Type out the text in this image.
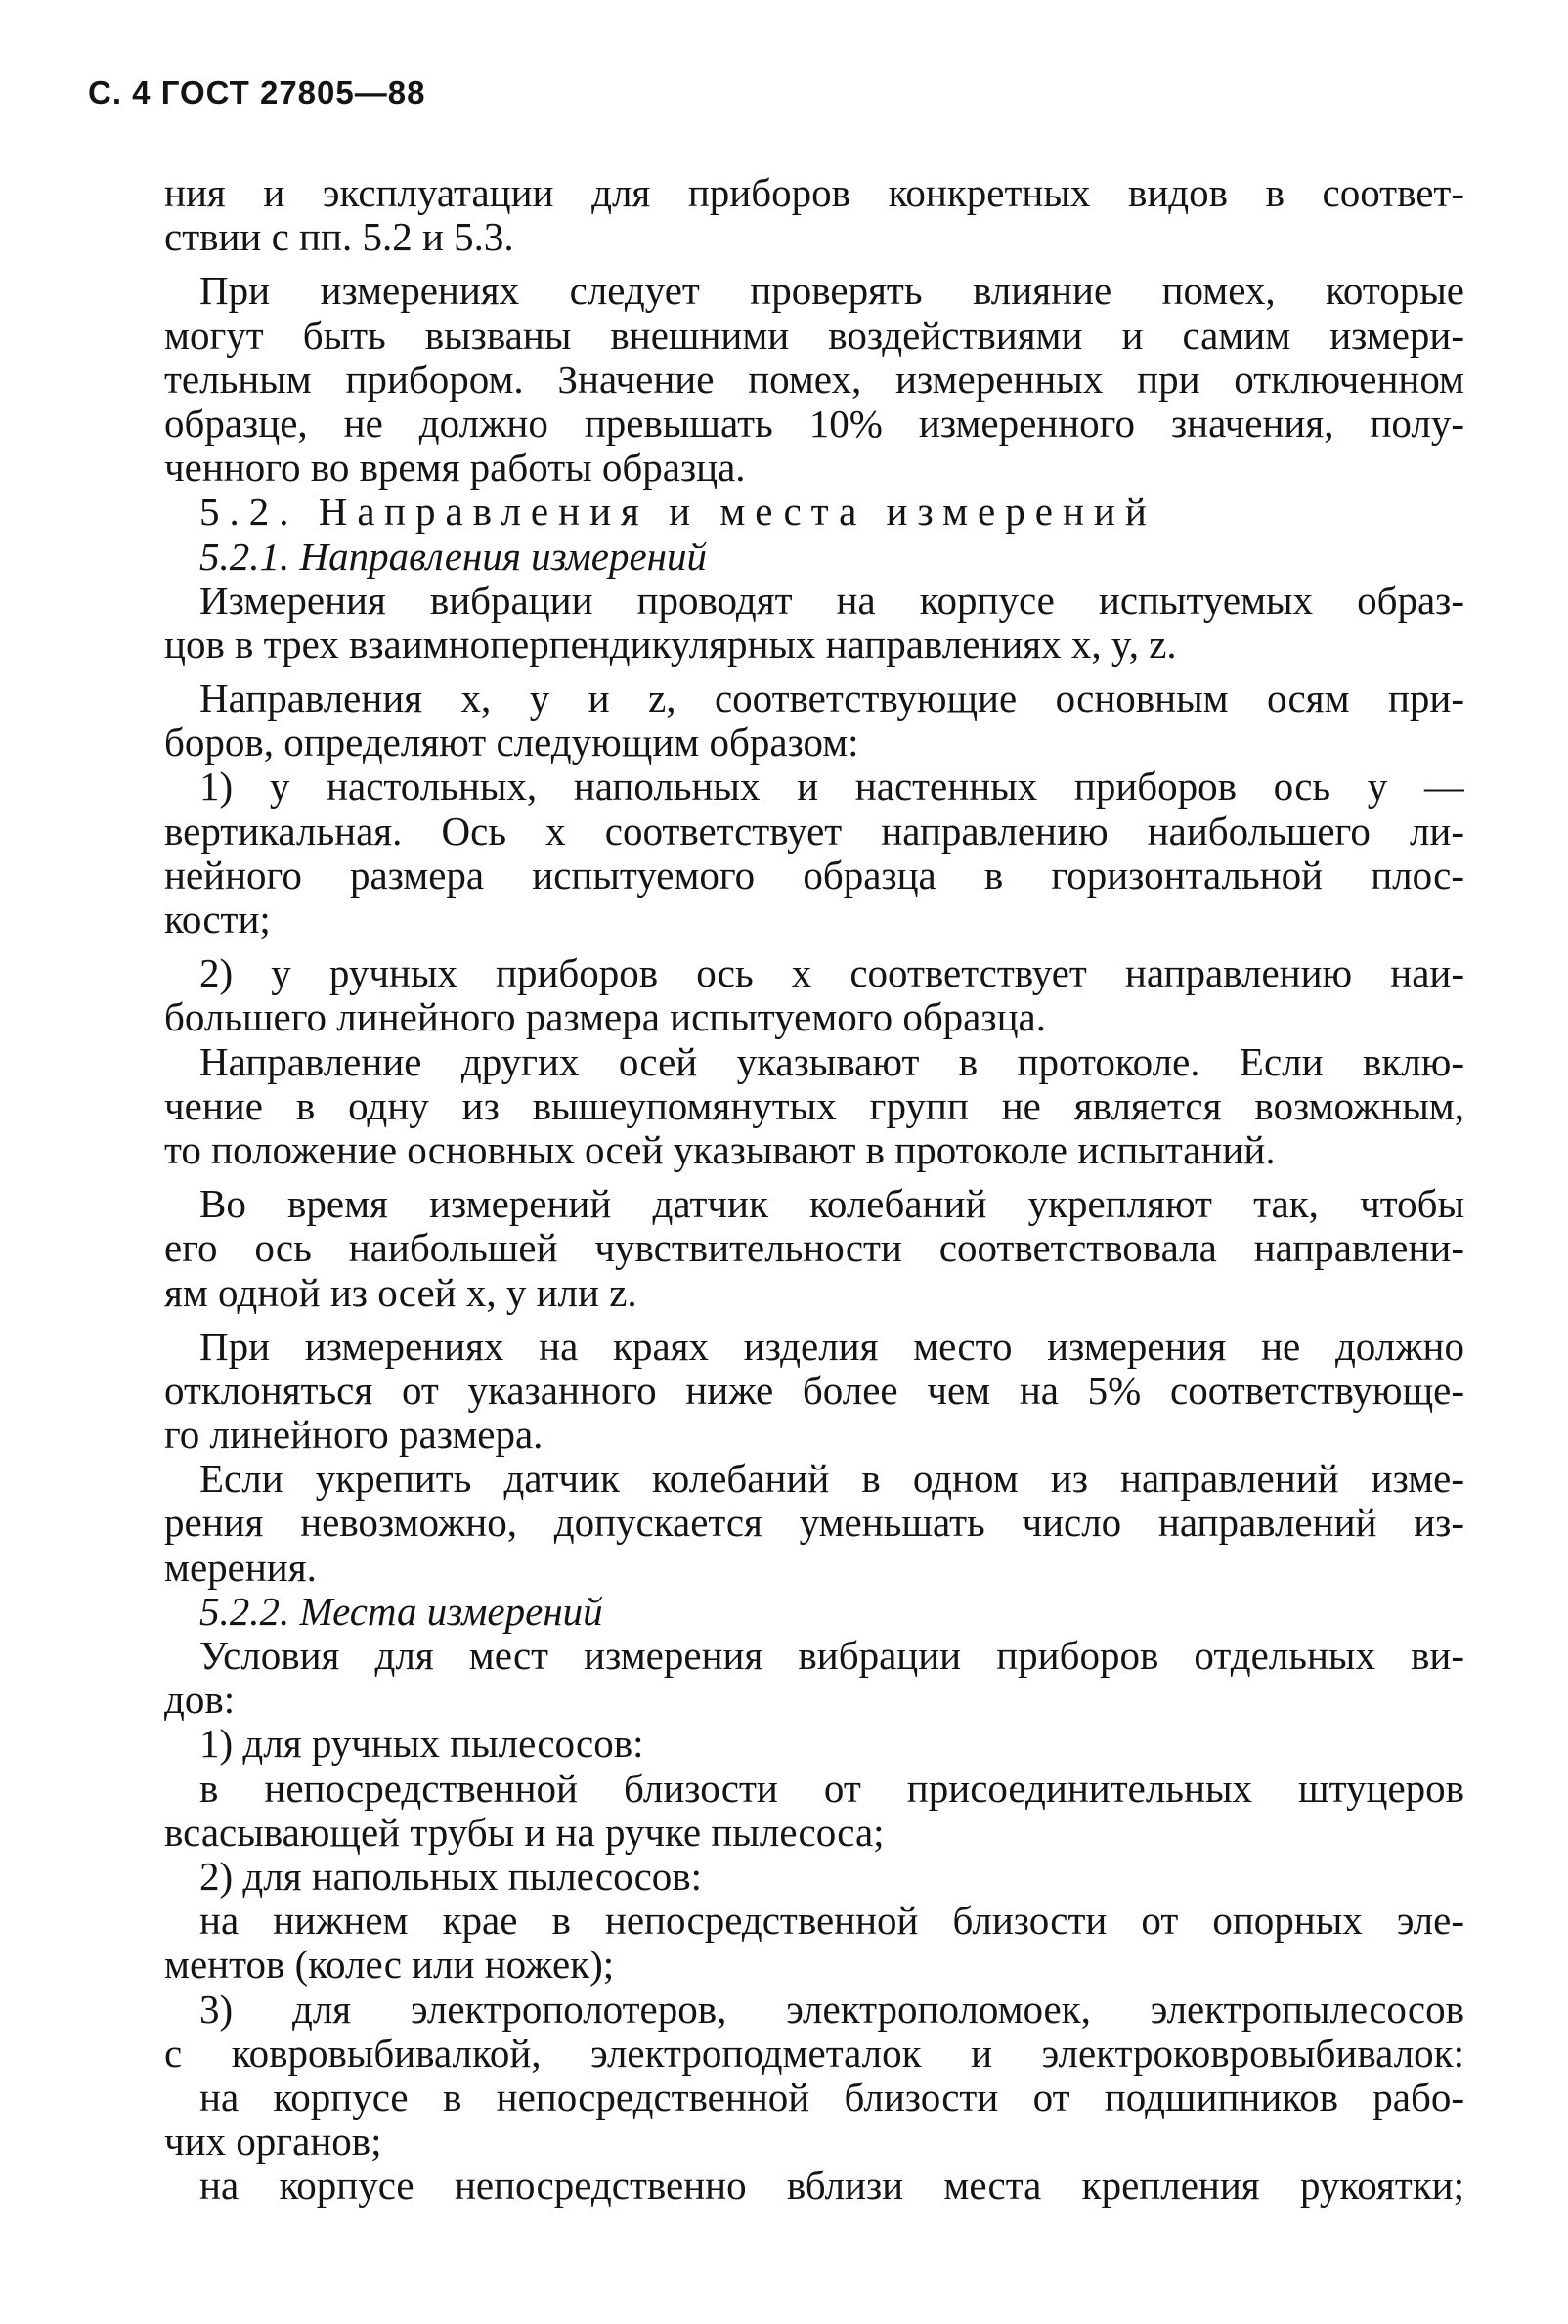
С. 4 ГОСТ 27805—88
ния и эксплуатации для приборов конкретных видов в соответ-
ствии с пп. 5.2 и 5.3.
При измерениях следует проверять влияние помех, которые
могут быть вызваны внешними воздействиями и самим измери-
тельным прибором. Значение помех, измеренных при отключенном
образце, не должно превышать 10% измеренного значения, полу-
ченного во время работы образца.
5.2. Направления и места измерений
5.2.1. Направления измерений
Измерения вибрации проводят на корпусе испытуемых образ-
цов в трех взаимноперпендикулярных направлениях x, y, z.
Направления x, y и z, соответствующие основным осям при-
боров, определяют следующим образом:
1) у настольных, напольных и настенных приборов ось y —
вертикальная. Ось x соответствует направлению наибольшего ли-
нейного размера испытуемого образца в горизонтальной плос-
кости;
2) у ручных приборов ось x соответствует направлению наи-
большего линейного размера испытуемого образца.
Направление других осей указывают в протоколе. Если вклю-
чение в одну из вышеупомянутых групп не является возможным,
то положение основных осей указывают в протоколе испытаний.
Во время измерений датчик колебаний укрепляют так, чтобы
его ось наибольшей чувствительности соответствовала направлени-
ям одной из осей x, y или z.
При измерениях на краях изделия место измерения не должно
отклоняться от указанного ниже более чем на 5% соответствующе-
го линейного размера.
Если укрепить датчик колебаний в одном из направлений изме-
рения невозможно, допускается уменьшать число направлений из-
мерения.
5.2.2. Места измерений
Условия для мест измерения вибрации приборов отдельных ви-
дов:
1) для ручных пылесосов:
в непосредственной близости от присоединительных штуцеров
всасывающей трубы и на ручке пылесоса;
2) для напольных пылесосов:
на нижнем крае в непосредственной близости от опорных эле-
ментов (колес или ножек);
3) для электрополотеров, электрополомоек, электропылесосов
с ковровыбивалкой, электроподметалок и электроковровыбивалок:
на корпусе в непосредственной близости от подшипников рабо-
чих органов;
на корпусе непосредственно вблизи места крепления рукоятки;
